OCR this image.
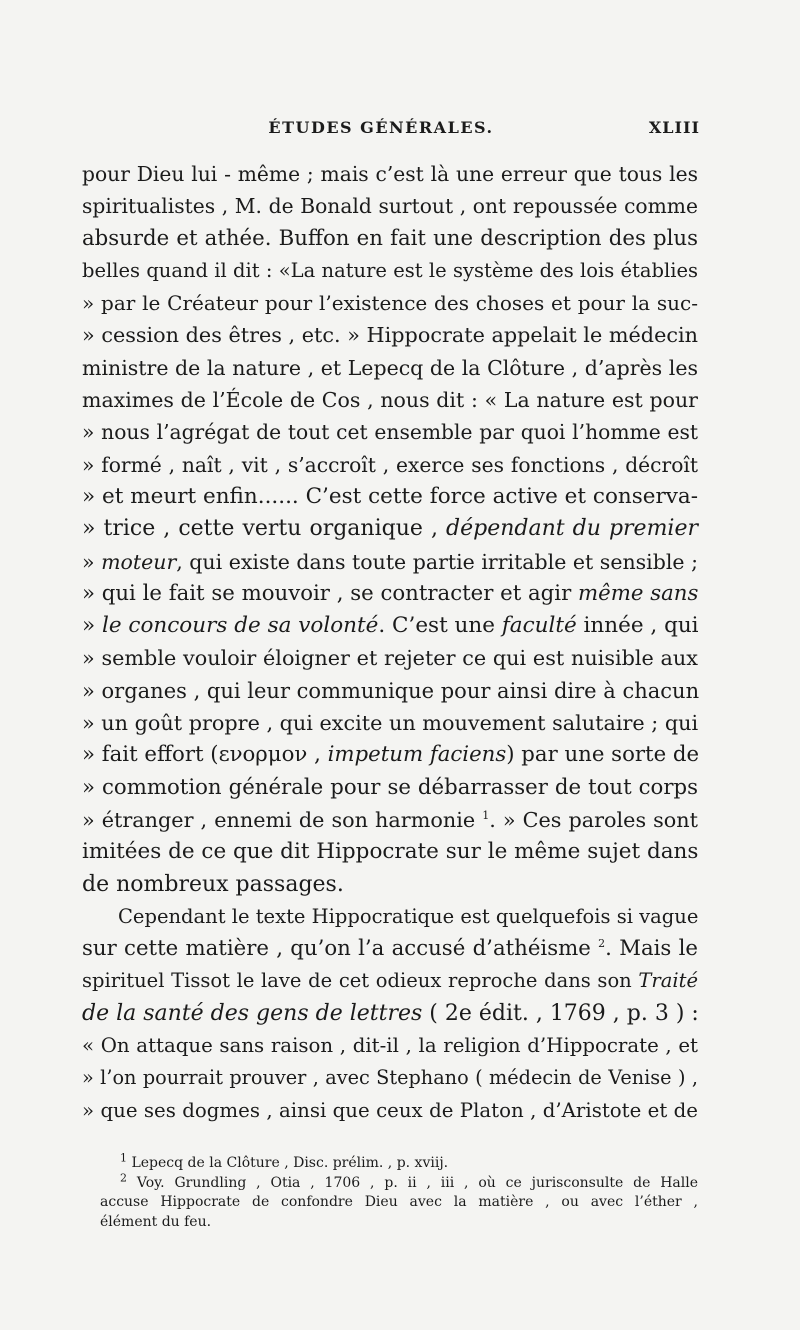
ÉTUDES GÉNÉRALES.	XLIII
pour Dieu lui - même ; mais c’est là une erreur que tous les
spiritualistes , M. de Bonald surtout , ont repoussée comme
absurde et athée. Buffon en fait une description des plus
belles quand il dit : «La nature est le système des lois établies
» par le Créateur pour l’existence des choses et pour la suc-
» cession des êtres , etc. » Hippocrate appelait le médecin
ministre de la nature , et Lepecq de la Clôture , d’après les
maximes de l’École de Cos , nous dit : « La nature est pour
» nous l’agrégat de tout cet ensemble par quoi l’homme est
» formé , naît , vit , s’accroît , exerce ses fonctions , décroît
» et meurt enfin...... C’est cette force active et conserva-
» trice , cette vertu organique , dépendant du premier
» moteur, qui existe dans toute partie irritable et sensible ;
» qui le fait se mouvoir , se contracter et agir même sans
» le concours de sa volonté. C’est une faculté innée , qui
» semble vouloir éloigner et rejeter ce qui est nuisible aux
» organes , qui leur communique pour ainsi dire à chacun
» un goût propre , qui excite un mouvement salutaire ; qui
» fait effort (ενορμον , impetum faciens) par une sorte de
» commotion générale pour se débarrasser de tout corps
» étranger , ennemi de son harmonie $^1$. » Ces paroles sont
imitées de ce que dit Hippocrate sur le même sujet dans
de nombreux passages.
Cependant le texte Hippocratique est quelquefois si vague
sur cette matière , qu’on l’a accusé d’athéisme $^2$. Mais le
spirituel Tissot le lave de cet odieux reproche dans son Traité
de la santé des gens de lettres ( 2e édit. , 1769 , p. 3 ) :
« On attaque sans raison , dit-il , la religion d’Hippocrate , et
» l’on pourrait prouver , avec Stephano ( médecin de Venise ) ,
» que ses dogmes , ainsi que ceux de Platon , d’Aristote et de
$^1$ Lepecq de la Clôture , Disc. prélim. , p. xviij.
$^2$ Voy. Grundling , Otia , 1706 , p. ii , iii , où ce jurisconsulte de Halle
accuse Hippocrate de confondre Dieu avec la matière , ou avec l’éther ,
élément du feu.
